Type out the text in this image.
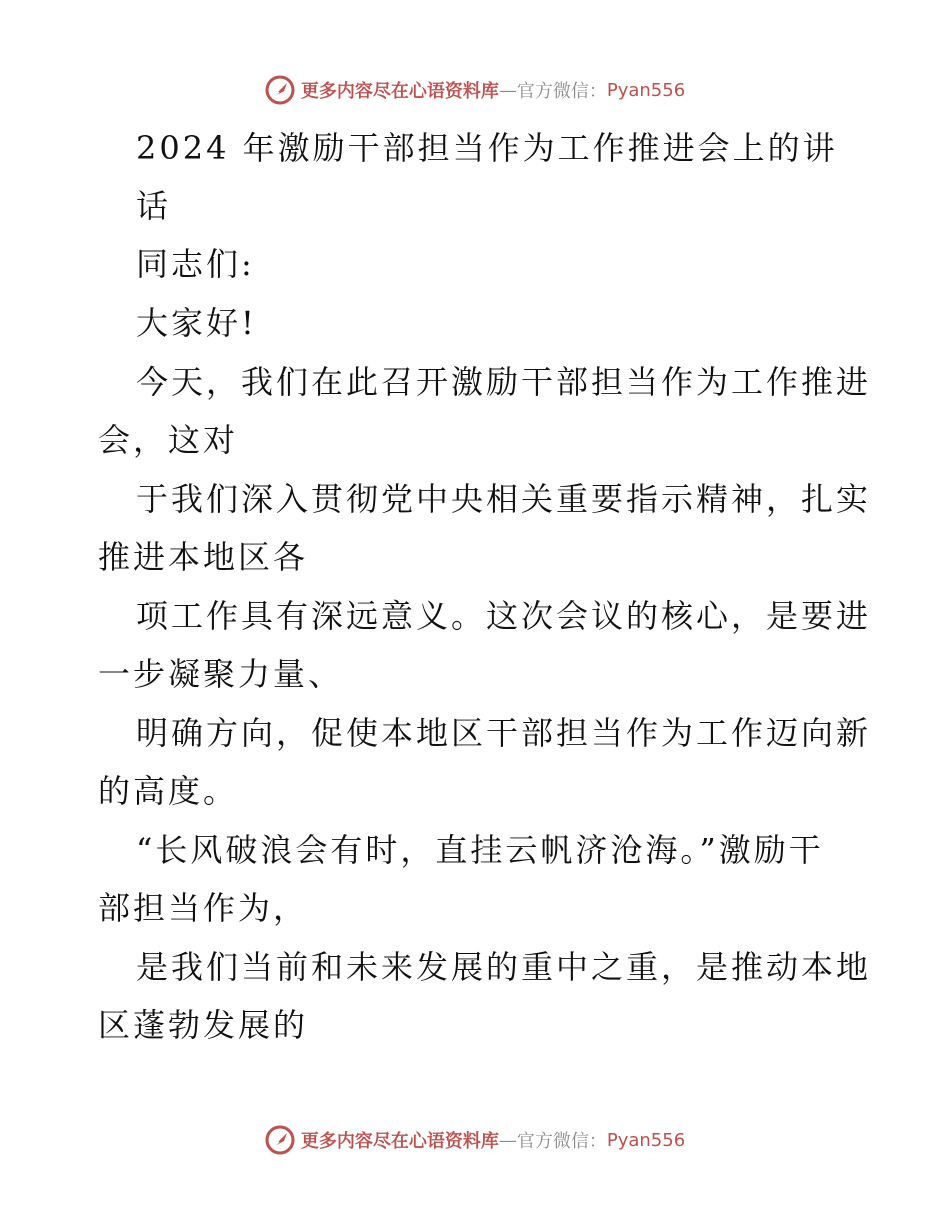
更多内容尽在心语资料库 — 官方微信： Pyan556
2024 年激励干部担当作为工作推进会上的讲
话
同志们:
大家好!
今天，我们在此召开激励干部担当作为工作推进
会，这对
于我们深入贯彻党中央相关重要指示精神，扎实
推进本地区各
项工作具有深远意义。这次会议的核心，是要进
一步凝聚力量、
明确方向，促使本地区干部担当作为工作迈向新
的高度。
“长风破浪会有时，直挂云帆济沧海。”激励干
部担当作为，
是我们当前和未来发展的重中之重，是推动本地
区蓬勃发展的
更多内容尽在心语资料库 — 官方微信： Pyan556
